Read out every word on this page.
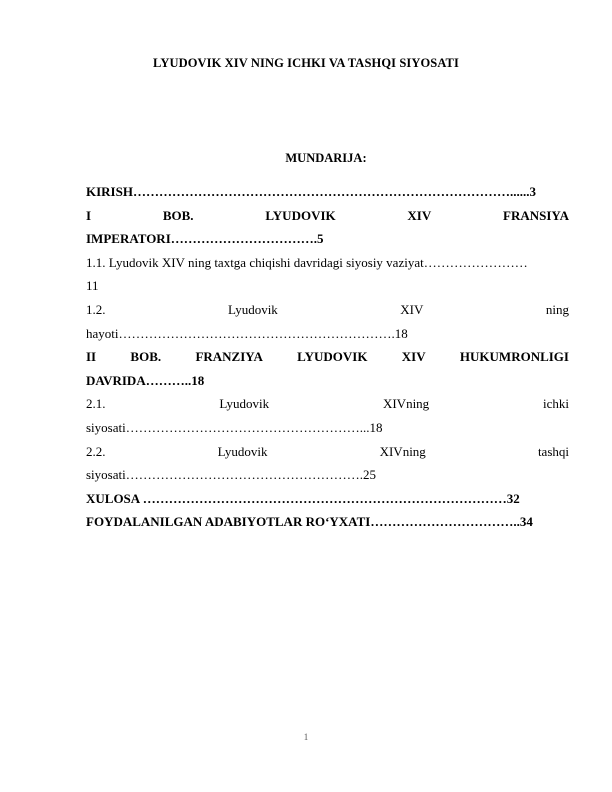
LYUDOVIK XIV NING ICHKI VA TASHQI SIYOSATI
MUNDARIJA:
KIRISH……………………………………………………………………………......3
I	BOB.	LYUDOVIK	XIV	FRANSIYA
IMPERATORI…………………………….5
1.1. Lyudovik XIV ning taxtga chiqishi davridagi siyosiy vaziyat……………………
11
1.2.	Lyudovik	XIV	ning
hayoti……………………………………………………….18
II	BOB.	FRANZIYA	LYUDOVIK	XIV	HUKUMRONLIGI
DAVRIDA………..18
2.1.	Lyudovik	XIVning	ichki
siyosati………………………………………………...18
2.2.	Lyudovik	XIVning	tashqi
siyosati……………………………………………….25
XULOSA …………………………………………………………………………32
FOYDALANILGAN ADABIYOTLAR RO‘YXATI……………………………..34
1
